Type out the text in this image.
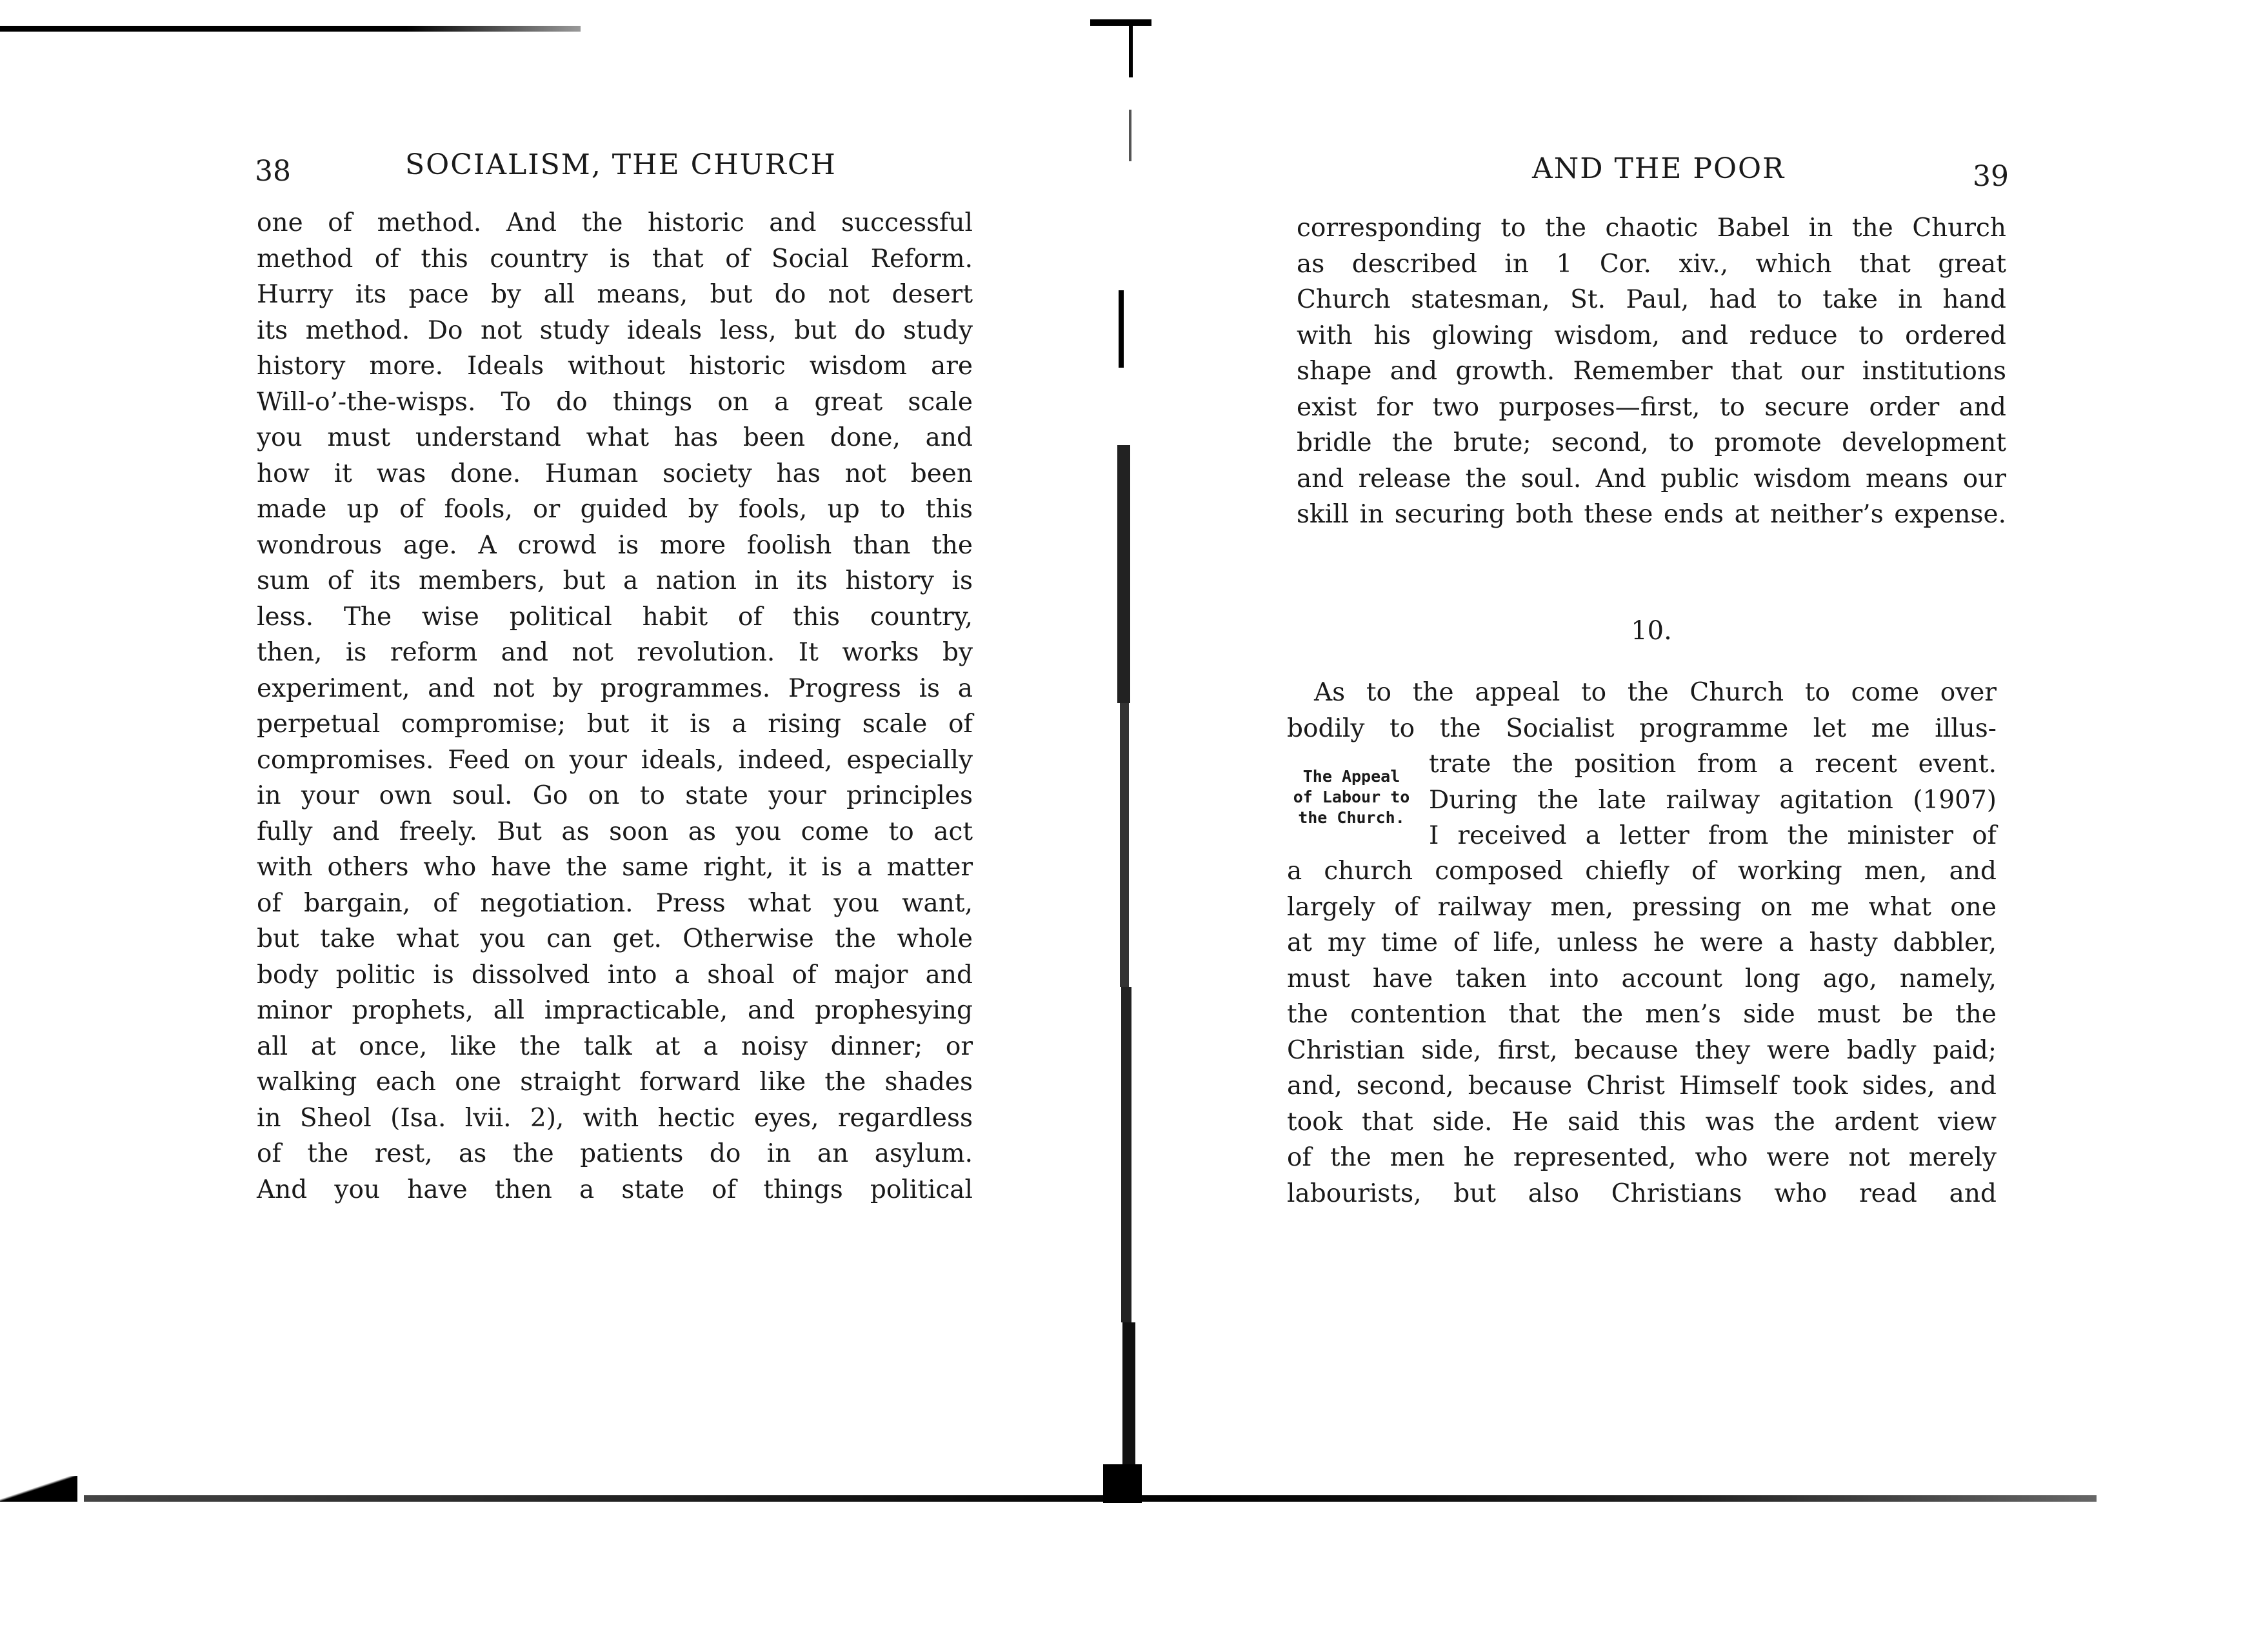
38	SOCIALISM, THE CHURCH
one of method. And the historic and successful
method of this country is that of Social Reform.
Hurry its pace by all means, but do not desert
its method. Do not study ideals less, but do study
history more. Ideals without historic wisdom are
Will-o’-the-wisps. To do things on a great scale
you must understand what has been done, and
how it was done. Human society has not been
made up of fools, or guided by fools, up to this
wondrous age. A crowd is more foolish than the
sum of its members, but a nation in its history is
less. The wise political habit of this country,
then, is reform and not revolution. It works by
experiment, and not by programmes. Progress is a
perpetual compromise; but it is a rising scale of
compromises. Feed on your ideals, indeed, especially
in your own soul. Go on to state your principles
fully and freely. But as soon as you come to act
with others who have the same right, it is a matter
of bargain, of negotiation. Press what you want,
but take what you can get. Otherwise the whole
body politic is dissolved into a shoal of major and
minor prophets, all impracticable, and prophesying
all at once, like the talk at a noisy dinner; or
walking each one straight forward like the shades
in Sheol (Isa. lvii. 2), with hectic eyes, regardless
of the rest, as the patients do in an asylum.
And you have then a state of things political
AND THE POOR	39
corresponding to the chaotic Babel in the Church
as described in 1 Cor. xiv., which that great
Church statesman, St. Paul, had to take in hand
with his glowing wisdom, and reduce to ordered
shape and growth. Remember that our institutions
exist for two purposes—first, to secure order and
bridle the brute; second, to promote development
and release the soul. And public wisdom means our
skill in securing both these ends at neither’s expense.
10.
As to the appeal to the Church to come over
bodily to the Socialist programme let me illus-
The Appeal
of Labour to
the Church.
trate the position from a recent event.
During the late railway agitation (1907)
I received a letter from the minister of
a church composed chiefly of working men, and
largely of railway men, pressing on me what one
at my time of life, unless he were a hasty dabbler,
must have taken into account long ago, namely,
the contention that the men’s side must be the
Christian side, first, because they were badly paid;
and, second, because Christ Himself took sides, and
took that side. He said this was the ardent view
of the men he represented, who were not merely
labourists, but also Christians who read and
